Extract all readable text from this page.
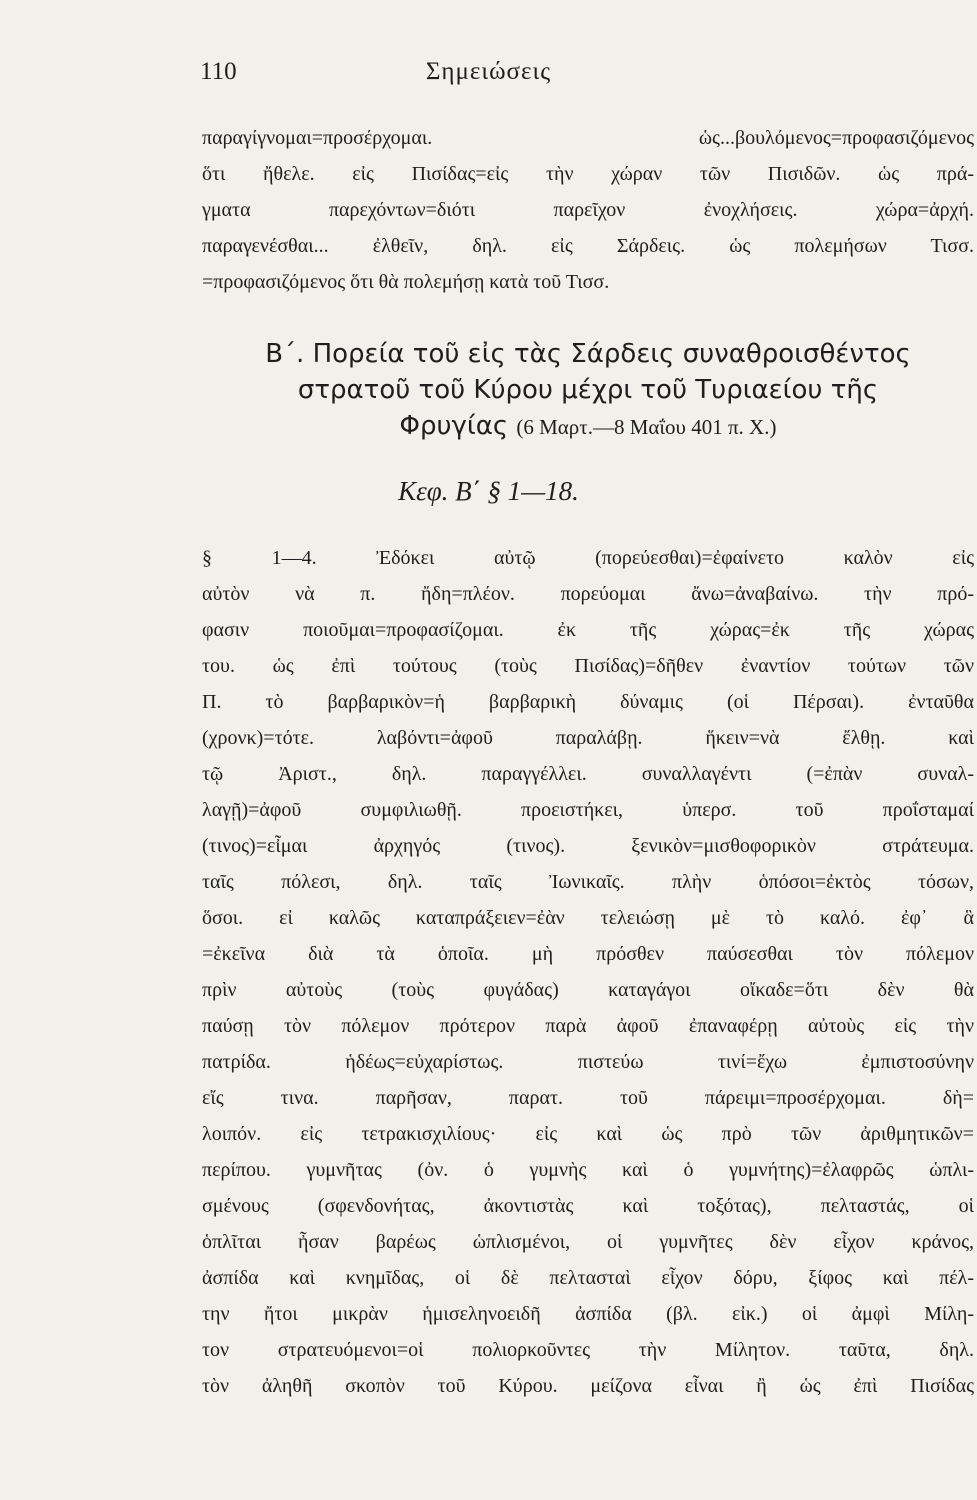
110	Σημειώσεις
παραγίγνομαι=προσέρχομαι. ὡς...βουλόμενος=προφασιζόμενος
ὅτι ἤθελε. εἰς Πισίδας=εἰς τὴν χώραν τῶν Πισιδῶν. ὡς πρά-
γματα παρεχόντων=διότι παρεῖχον ἐνοχλήσεις. χώρα=ἀρχή.
παραγενέσθαι... ἐλθεῖν, δηλ. εἰς Σάρδεις. ὡς πολεμήσων Τισσ.
=προφασιζόμενος ὅτι θὰ πολεμήσῃ κατὰ τοῦ Τισσ.
Β΄. Πορεία τοῦ εἰς τὰς Σάρδεις συναθροισθέντος
στρατοῦ τοῦ Κύρου μέχρι τοῦ Τυριαείου τῆς
Φρυγίας (6 Μαρτ.—8 Μαΐου 401 π. Χ.)
Κεφ. Β΄ § 1—18.
§ 1—4. Ἐδόκει αὐτῷ (πορεύεσθαι)=ἐφαίνετο καλὸν εἰς
αὐτὸν νὰ π. ἤδη=πλέον. πορεύομαι ἄνω=ἀναβαίνω. τὴν πρό-
φασιν ποιοῦμαι=προφασίζομαι. ἐκ τῆς χώρας=ἐκ τῆς χώρας
του. ὡς ἐπὶ τούτους (τοὺς Πισίδας)=δῆθεν ἐναντίον τούτων τῶν
Π. τὸ βαρβαρικὸν=ἡ βαρβαρικὴ δύναμις (οἱ Πέρσαι). ἐνταῦθα
(χρονκ)=τότε. λαβόντι=ἀφοῦ παραλάβῃ. ἥκειν=νὰ ἔλθῃ. καὶ
τῷ Ἀριστ., δηλ. παραγγέλλει. συναλλαγέντι (=ἐπὰν συναλ-
λαγῇ)=ἀφοῦ συμφιλιωθῇ. προειστήκει, ὑπερσ. τοῦ προΐσταμαί
(τινος)=εἶμαι ἀρχηγός (τινος). ξενικὸν=μισθοφορικὸν στράτευμα.
ταῖς πόλεσι, δηλ. ταῖς Ἰωνικαῖς. πλὴν ὁπόσοι=ἐκτὸς τόσων,
ὅσοι. εἰ καλῶς καταπράξειεν=ἐὰν τελειώσῃ μὲ τὸ καλό. ἐφ᾽ ἃ
=ἐκεῖνα διὰ τὰ ὁποῖα. μὴ πρόσθεν παύσεσθαι τὸν πόλεμον
πρὶν αὐτοὺς (τοὺς φυγάδας) καταγάγοι οἴκαδε=ὅτι δὲν θὰ
παύσῃ τὸν πόλεμον πρότερον παρὰ ἀφοῦ ἐπαναφέρῃ αὐτοὺς εἰς τὴν
πατρίδα. ἡδέως=εὐχαρίστως. πιστεύω τινί=ἔχω ἐμπιστοσύνην
εἴς τινα. παρῆσαν, παρατ. τοῦ πάρειμι=προσέρχομαι. δὴ=
λοιπόν. εἰς τετρακισχιλίους· εἰς καὶ ὡς πρὸ τῶν ἀριθμητικῶν=
περίπου. γυμνῆτας (ὀν. ὁ γυμνὴς καὶ ὁ γυμνήτης)=ἐλαφρῶς ὡπλι-
σμένους (σφενδονήτας, ἀκοντιστὰς καὶ τοξότας), πελταστάς, οἱ
ὁπλῖται ἦσαν βαρέως ὡπλισμένοι, οἱ γυμνῆτες δὲν εἶχον κράνος,
ἀσπίδα καὶ κνημῖδας, οἱ δὲ πελτασταὶ εἶχον δόρυ, ξίφος καὶ πέλ-
την ἤτοι μικρὰν ἡμισεληνοειδῆ ἀσπίδα (βλ. εἰκ.) οἱ ἀμφὶ Μίλη-
τον στρατευόμενοι=οἱ πολιορκοῦντες τὴν Μίλητον. ταῦτα, δηλ.
τὸν ἀληθῆ σκοπὸν τοῦ Κύρου. μείζονα εἶναι ἢ ὡς ἐπὶ Πισίδας
